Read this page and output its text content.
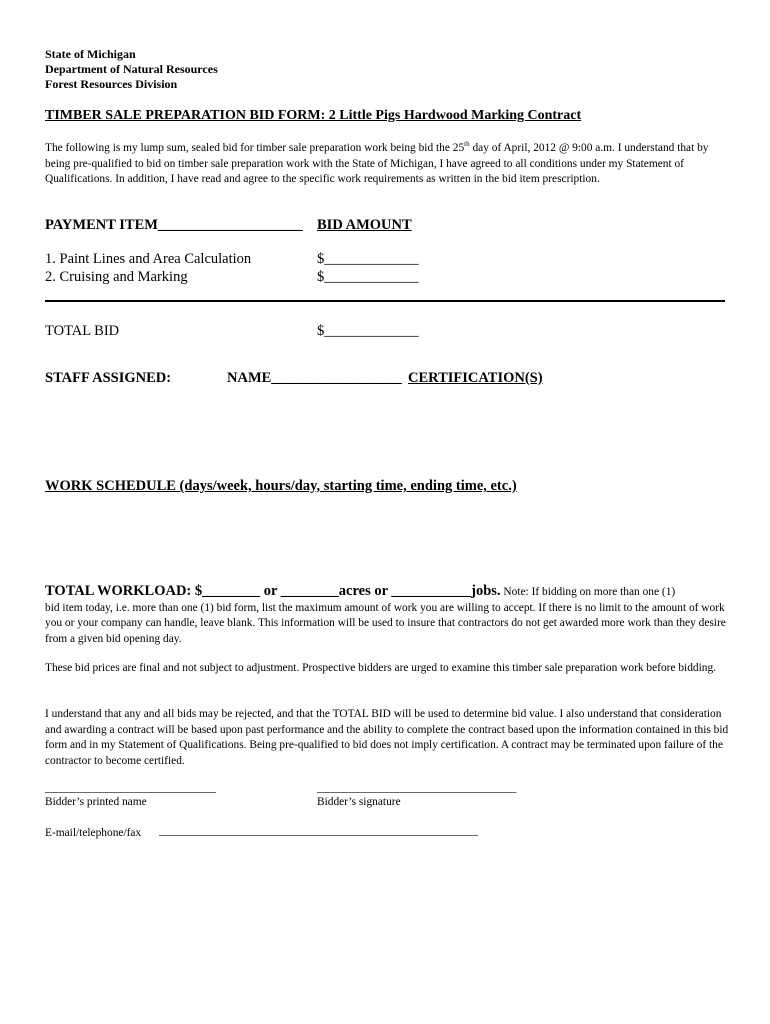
State of Michigan
Department of Natural Resources
Forest Resources Division
TIMBER SALE PREPARATION BID FORM: 2 Little Pigs Hardwood Marking Contract
The following is my lump sum, sealed bid for timber sale preparation work being bid the 25th day of April, 2012 @ 9:00 a.m. I understand that by being pre-qualified to bid on timber sale preparation work with the State of Michigan, I have agreed to all conditions under my Statement of Qualifications. In addition, I have read and agree to the specific work requirements as written in the bid item prescription.
PAYMENT ITEM____________________ BID AMOUNT
1. Paint Lines and Area Calculation	$_____________
2. Cruising and Marking	$_____________
TOTAL BID	$_____________
STAFF ASSIGNED:	NAME__________________ CERTIFICATION(S)
WORK SCHEDULE (days/week, hours/day, starting time, ending time, etc.)
TOTAL WORKLOAD: $________ or ________acres or ___________jobs. Note: If bidding on more than one (1)
bid item today, i.e. more than one (1) bid form, list the maximum amount of work you are willing to accept. If there is no limit to the amount of work you or your company can handle, leave blank. This information will be used to insure that contractors do not get awarded more work than they desire from a given bid opening day.
These bid prices are final and not subject to adjustment. Prospective bidders are urged to examine this timber sale preparation work before bidding.
I understand that any and all bids may be rejected, and that the TOTAL BID will be used to determine bid value. I also understand that consideration and awarding a contract will be based upon past performance and the ability to complete the contract based upon the information contained in this bid form and in my Statement of Qualifications. Being pre-qualified to bid does not imply certification. A contract may be terminated upon failure of the contractor to become certified.
______________________________
Bidder’s printed name
___________________________________
Bidder’s signature
E-mail/telephone/fax ________________________________________________________
